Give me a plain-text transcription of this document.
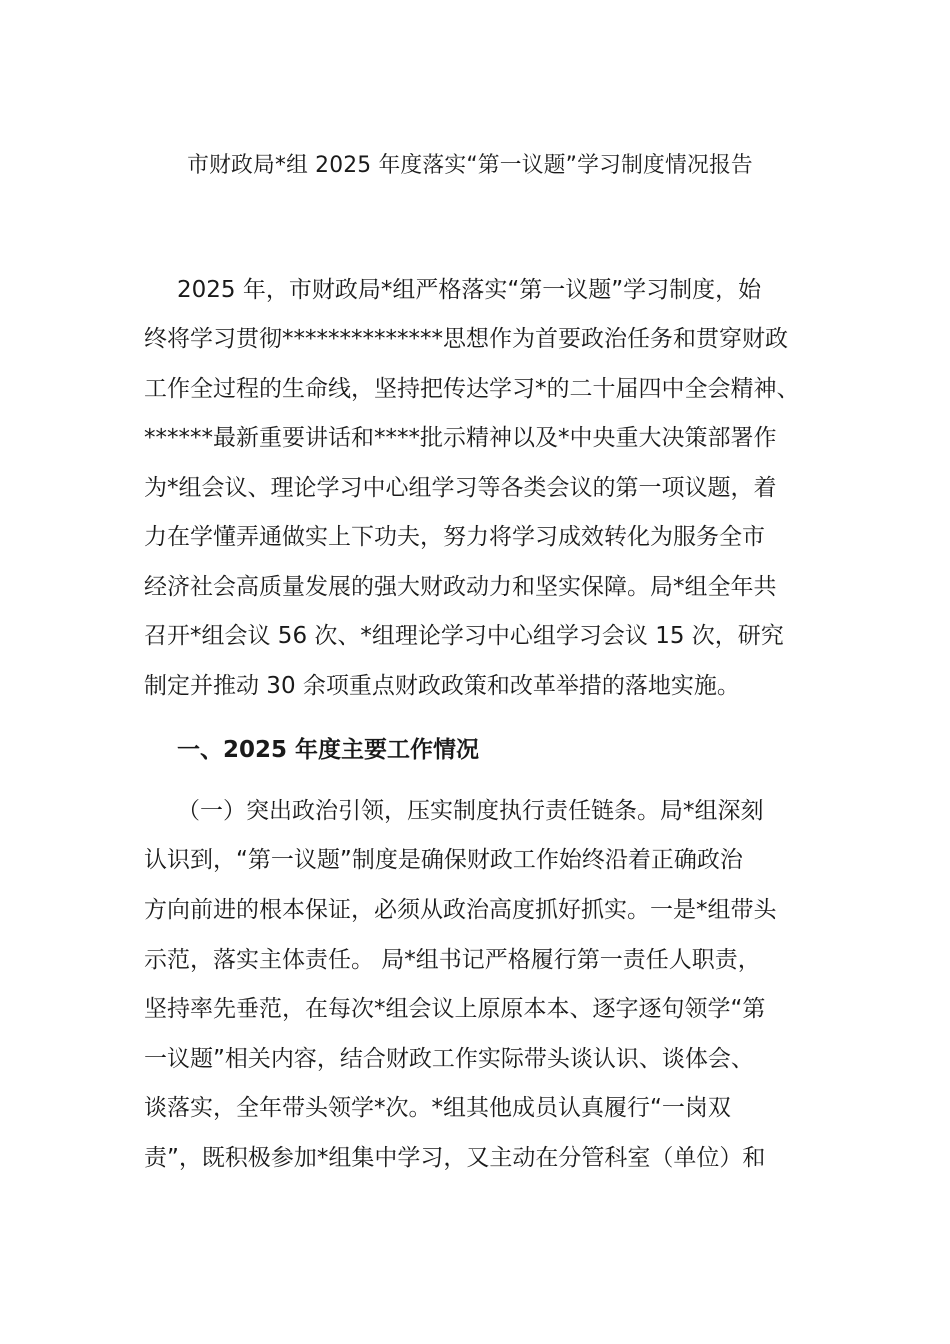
市财政局*组 2025 年度落实“第一议题”学习制度情况报告
2025 年，市财政局*组严格落实“第一议题”学习制度，始
终将学习贯彻**************思想作为首要政治任务和贯穿财政
工作全过程的生命线，坚持把传达学习*的二十届四中全会精神、
******最新重要讲话和****批示精神以及*中央重大决策部署作
为*组会议、理论学习中心组学习等各类会议的第一项议题，着
力在学懂弄通做实上下功夫，努力将学习成效转化为服务全市
经济社会高质量发展的强大财政动力和坚实保障。局*组全年共
召开*组会议 56 次、*组理论学习中心组学习会议 15 次，研究
制定并推动 30 余项重点财政政策和改革举措的落地实施。
一、2025 年度主要工作情况
（一）突出政治引领，压实制度执行责任链条。局*组深刻
认识到，“第一议题”制度是确保财政工作始终沿着正确政治
方向前进的根本保证，必须从政治高度抓好抓实。一是*组带头
示范，落实主体责任。 局*组书记严格履行第一责任人职责，
坚持率先垂范，在每次*组会议上原原本本、逐字逐句领学“第
一议题”相关内容，结合财政工作实际带头谈认识、谈体会、
谈落实，全年带头领学*次。*组其他成员认真履行“一岗双
责”，既积极参加*组集中学习，又主动在分管科室（单位）和
